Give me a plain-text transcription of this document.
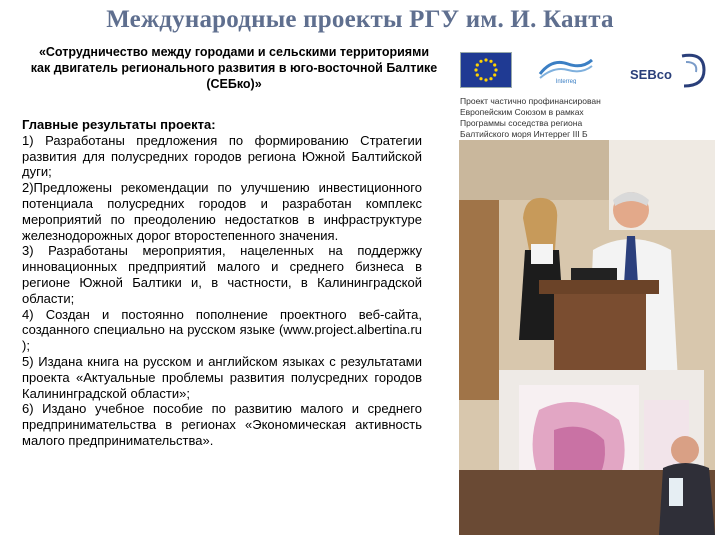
Международные проекты РГУ им. И. Канта
«Сотрудничество между городами и сельскими территориями как двигатель регионального развития в юго-восточной Балтике (СЕБко)»

Главные результаты проекта:

1) Разработаны предложения по формированию Стратегии развития для полусредних городов региона Южной Балтийской дуги;

2)Предложены рекомендации по улучшению инвестиционного потенциала полусредних городов и разработан комплекс мероприятий по преодолению недостатков в инфраструктуре железнодорожных дорог второстепенного значения.

3) Разработаны мероприятия, нацеленных на поддержку инновационных предприятий малого и среднего бизнеса в регионе Южной Балтики и, в частности, в Калининградской области;

4) Создан и постоянно пополнение проектного веб-сайта, созданного специально на русском языке (www.project.albertina.ru );

5) Издана книга на русском и английском языках с результатами проекта «Актуальные проблемы развития полусредних городов Калининградской области»;

6) Издано учебное пособие по развитию малого и среднего предпринимательства в регионах «Экономическая активность малого предпринимательства».

Interreg	SEBco

Проект частично профинансирован

Европейским Союзом в рамках

Программы соседства региона

Балтийского моря Интеррег III Б
